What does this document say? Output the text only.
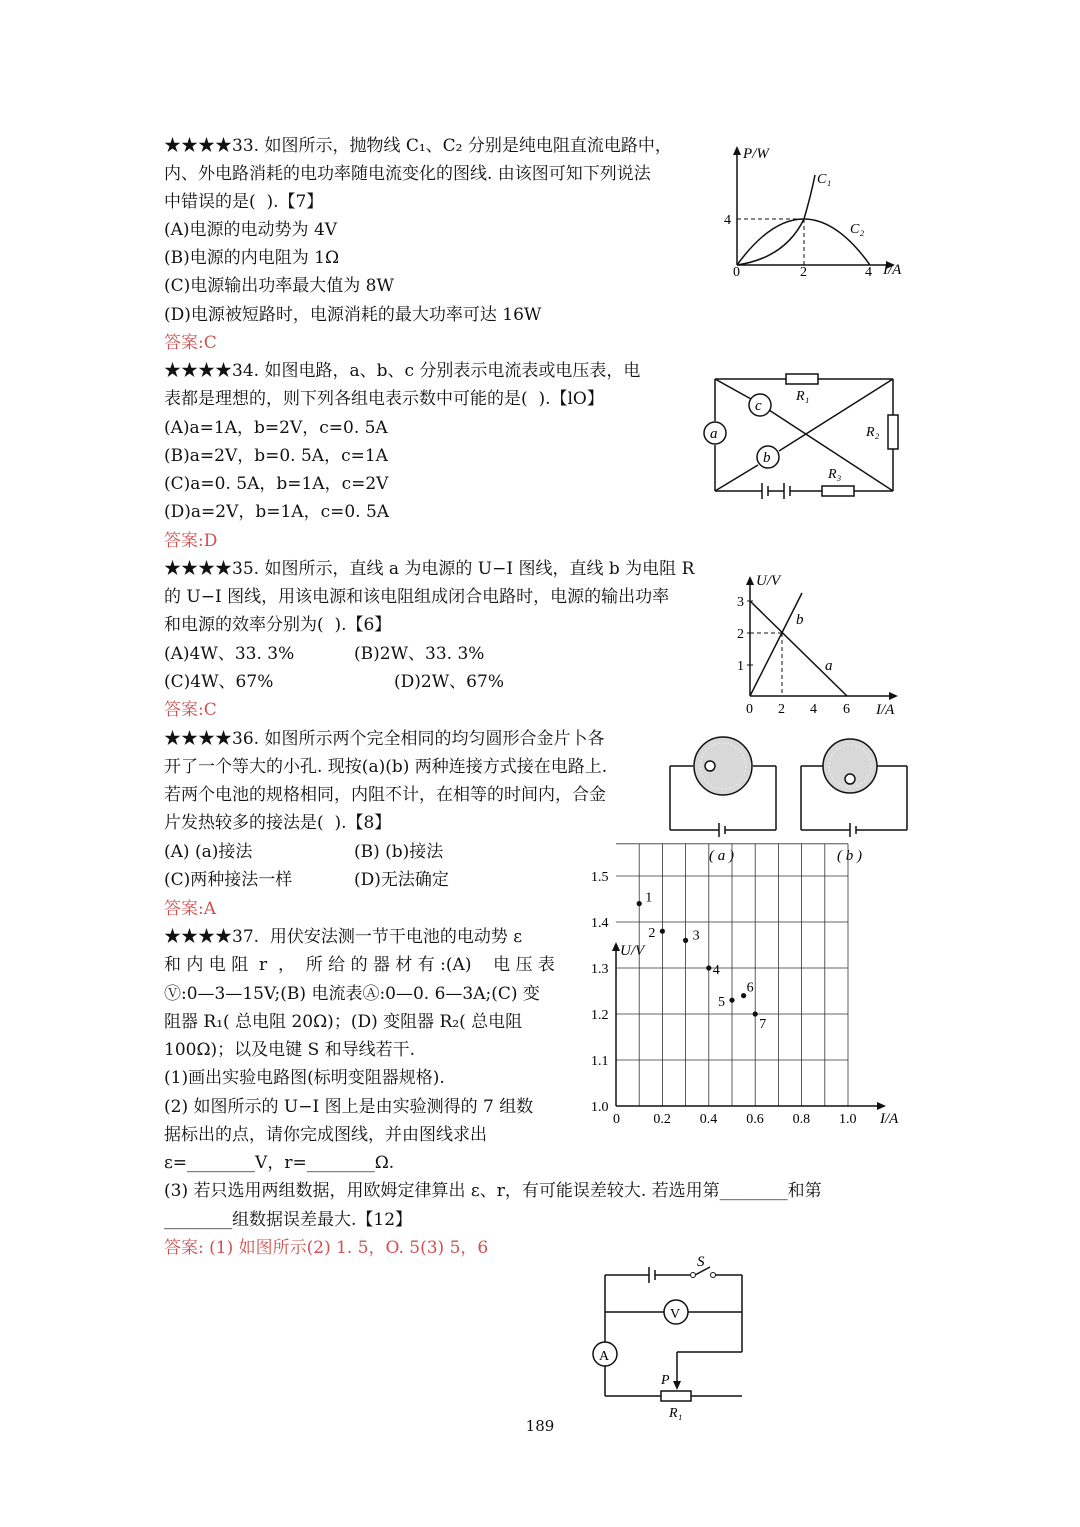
★★★★33. 如图所示，抛物线 C₁、C₂ 分别是纯电阻直流电路中，
内、外电路消耗的电功率随电流变化的图线. 由该图可知下列说法
中错误的是(  ).【7】
(A)电源的电动势为 4V
(B)电源的内电阻为 1Ω
(C)电源输出功率最大值为 8W
(D)电源被短路时，电源消耗的最大功率可达 16W
答案:C
P/W
I/A
C₁
C₂
4
0	2	4
★★★★34. 如图电路，a、b、c 分别表示电流表或电压表，电
表都是理想的，则下列各组电表示数中可能的是(  ).【lO】
(A)a=1A，b=2V，c=0. 5A
(B)a=2V，b=0. 5A，c=1A
(C)a=0. 5A，b=1A，c=2V
(D)a=2V，b=1A，c=0. 5A
答案:D
a
c
b
R₁
R₂
R₃
★★★★35. 如图所示，直线 a 为电源的 U−I 图线，直线 b 为电阻 R
的 U−I 图线，用该电源和该电阻组成闭合电路时，电源的输出功率
和电源的效率分别为(  ).【6】
(A)4W、33. 3%	(B)2W、33. 3%
(C)4W、67%	(D)2W、67%
答案:C
U/V
I/A
b
a
3
2
1
0 2 4 6
★★★★36. 如图所示两个完全相同的均匀圆形合金片卜各
开了一个等大的小孔. 现按(a)(b) 两种连接方式接在电路上.
若两个电池的规格相同，内阻不计，在相等的时间内，合金
片发热较多的接法是(  ).【8】
(A) (a)接法	(B) (b)接法
(C)两种接法一样	(D)无法确定
答案:A
( a )	( b )
★★★★37.  用伏安法测一节干电池的电动势 ε
和 内 电 阻  r  ，  所 给 的 器 材 有 :(A)    电 压 表
Ⓥ:0—3—15V;(B) 电流表Ⓐ:0—0. 6—3A;(C) 变
阻器 R₁( 总电阻 20Ω)；(D) 变阻器 R₂( 总电阻
100Ω)；以及电键 S 和导线若干.
(1)画出实验电路图(标明变阻器规格).
(2) 如图所示的 U−I 图上是由实验测得的 7 组数
据标出的点，请你完成图线，并由图线求出
ε=________V，r=________Ω.
(3) 若只选用两组数据，用欧姆定律算出 ε、r，有可能误差较大. 若选用第________和第
________组数据误差最大.【12】
答案: (1) 如图所示(2) 1. 5，O. 5(3) 5，6
U/V
I/A
1.5
1.4
1.3
1.2
1.1
1.0
0 0.2 0.4 0.6 0.8 1.0
1
2	3
4
5
6
7
S
V
A
P
R₁
189
